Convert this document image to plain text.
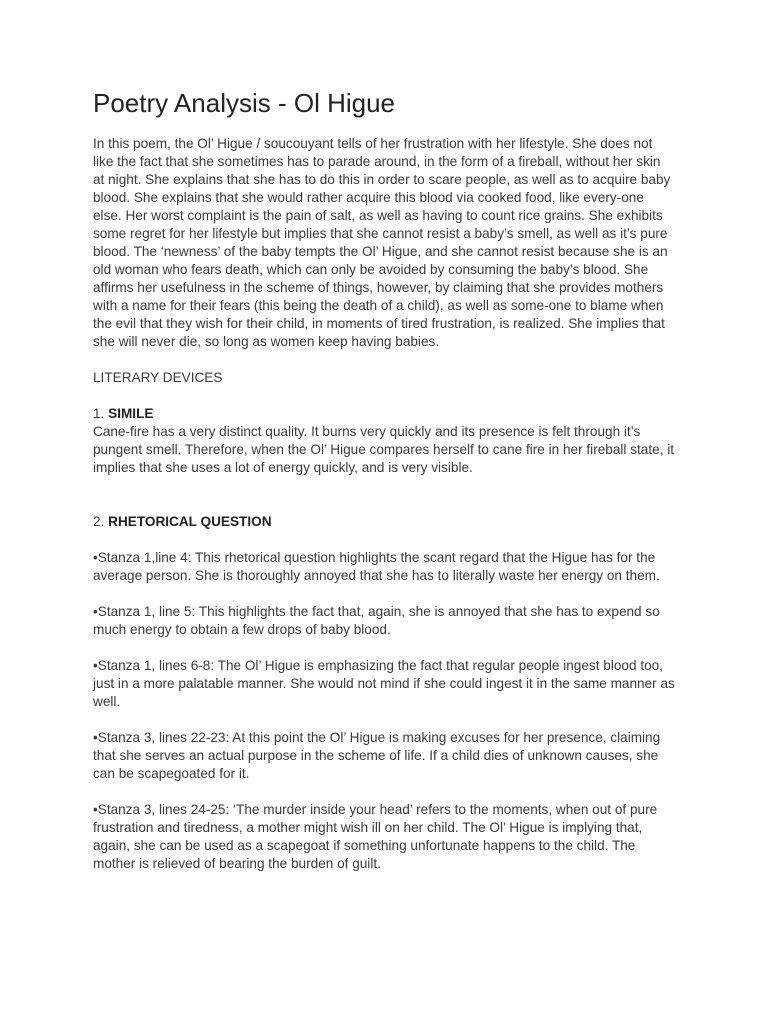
Poetry Analysis - Ol Higue

In this poem, the Ol’ Higue / soucouyant tells of her frustration with her lifestyle. She does not like the fact that she sometimes has to parade around, in the form of a fireball, without her skin at night. She explains that she has to do this in order to scare people, as well as to acquire baby blood. She explains that she would rather acquire this blood via cooked food, like every-one else. Her worst complaint is the pain of salt, as well as having to count rice grains. She exhibits some regret for her lifestyle but implies that she cannot resist a baby’s smell, as well as it’s pure blood. The ‘newness’ of the baby tempts the Ol’ Higue, and she cannot resist because she is an old woman who fears death, which can only be avoided by consuming the baby’s blood. She affirms her usefulness in the scheme of things, however, by claiming that she provides mothers with a name for their fears (this being the death of a child), as well as some-one to blame when the evil that they wish for their child, in moments of tired frustration, is realized. She implies that she will never die, so long as women keep having babies.

LITERARY DEVICES

1. SIMILE

Cane-fire has a very distinct quality. It burns very quickly and its presence is felt through it’s pungent smell. Therefore, when the Ol’ Higue compares herself to cane fire in her fireball state, it implies that she uses a lot of energy quickly, and is very visible.

2. RHETORICAL QUESTION

•Stanza 1,line 4: This rhetorical question highlights the scant regard that the Higue has for the average person. She is thoroughly annoyed that she has to literally waste her energy on them.

•Stanza 1, line 5: This highlights the fact that, again, she is annoyed that she has to expend so much energy to obtain a few drops of baby blood.

•Stanza 1, lines 6-8: The Ol’ Higue is emphasizing the fact that regular people ingest blood too, just in a more palatable manner. She would not mind if she could ingest it in the same manner as well.

•Stanza 3, lines 22-23: At this point the Ol’ Higue is making excuses for her presence, claiming that she serves an actual purpose in the scheme of life. If a child dies of unknown causes, she can be scapegoated for it.

•Stanza 3, lines 24-25: ‘The murder inside your head’ refers to the moments, when out of pure frustration and tiredness, a mother might wish ill on her child. The Ol’ Higue is implying that, again, she can be used as a scapegoat if something unfortunate happens to the child. The mother is relieved of bearing the burden of guilt.
